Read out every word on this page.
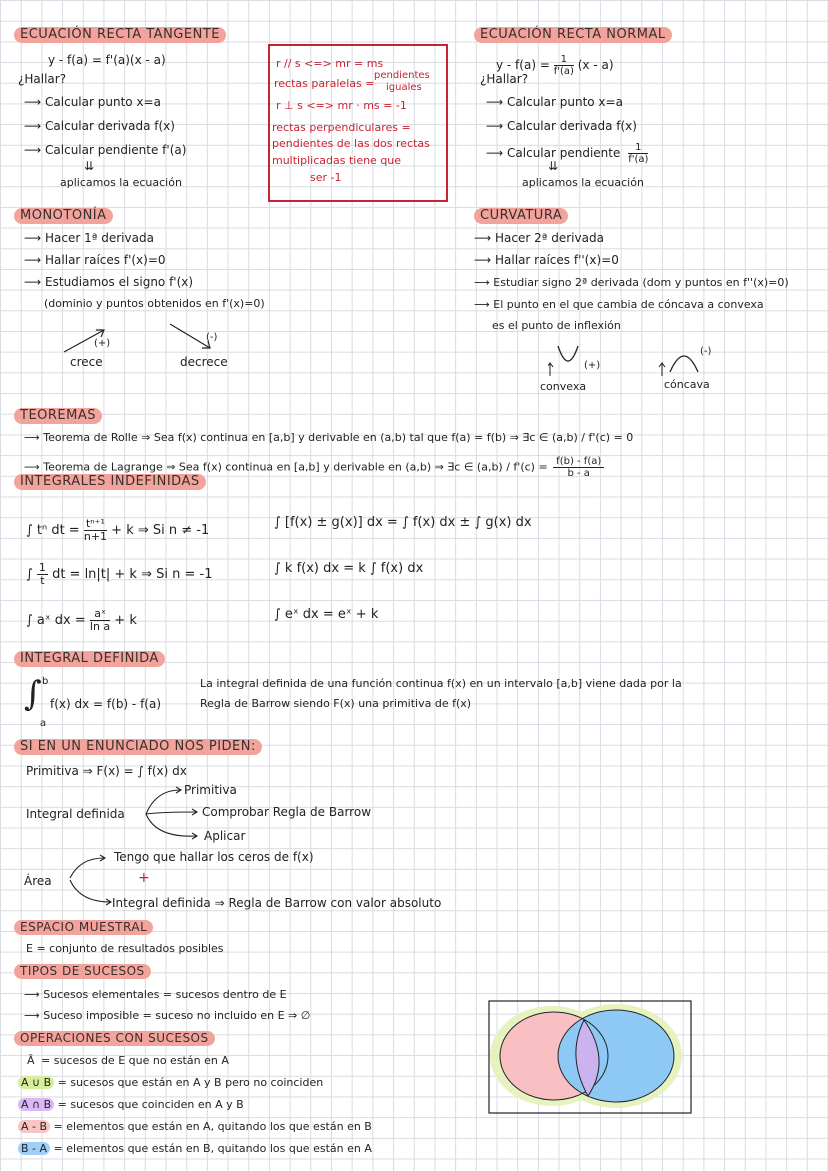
ECUACIÓN RECTA TANGENTE
y - f(a) = f'(a)(x - a)
¿Hallar?
⟶ Calcular punto x=a
⟶ Calcular derivada f(x)
⟶ Calcular pendiente f'(a)
⇊
aplicamos la ecuación
r // s <=> mr = ms
rectas paralelas =
pendientes
iguales
r ⊥ s <=> mr · ms = -1
rectas perpendiculares =
pendientes de las dos rectas
multiplicadas tiene que
ser -1
ECUACIÓN RECTA NORMAL
$y - f(a) = \frac{1}{f'(a)} (x - a)$
¿Hallar?
⟶ Calcular punto x=a
⟶ Calcular derivada f(x)
⟶ Calcular pendiente $\frac{1}{f'(a)}$
⇊
aplicamos la ecuación
MONOTONÍA
⟶ Hacer 1ª derivada
⟶ Hallar raíces f'(x)=0
⟶ Estudiamos el signo f'(x)
(dominio y puntos obtenidos en f'(x)=0)
(+)
(-)
crece	decrece
CURVATURA
⟶ Hacer 2ª derivada
⟶ Hallar raíces f''(x)=0
⟶ Estudiar signo 2ª derivada (dom y puntos en f''(x)=0)
⟶ El punto en el que cambia de cóncava a convexa
es el punto de inflexión
(+)
(-)
convexa	cóncava
TEOREMAS
⟶ Teorema de Rolle ⇒ Sea f(x) continua en [a,b] y derivable en (a,b) tal que f(a) = f(b) ⇒ ∃c ∈ (a,b) / f'(c) = 0
⟶ Teorema de Lagrange ⇒ Sea f(x) continua en [a,b] y derivable en (a,b) ⇒ ∃c ∈ $(a,b) / f'(c) = \frac{f(b) - f(a)}{b - a}$
INTEGRALES INDEFINIDAS
∫ tⁿ dt = $\frac{\text{tⁿ⁺¹}}{n+1} + k$ ⇒ Si n ≠ -1
∫ $\frac{1}{t}$ dt = ln|t| + k ⇒ Si n = -1
∫ aˣ dx = $\frac{\text{aˣ}}{\text{ln a}} + k$
∫ [f(x) ± g(x)] dx = ∫ f(x) dx ± ∫ g(x) dx
∫ k f(x) dx = k ∫ f(x) dx
∫ eˣ dx = eˣ + k
INTEGRAL DEFINIDA
∫ b
a
f(x) dx = f(b) - f(a)
La integral definida de una función continua f(x) en un intervalo [a,b] viene dada por la
Regla de Barrow siendo F(x) una primitiva de f(x)
SI EN UN ENUNCIADO NOS PIDEN:
Primitiva ⇒ F(x) = ∫ f(x) dx
Integral definida
Primitiva
Comprobar Regla de Barrow
Aplicar
Área
Tengo que hallar los ceros de f(x)
+
Integral definida ⇒ Regla de Barrow con valor absoluto
ESPACIO MUESTRAL
E = conjunto de resultados posibles
TIPOS DE SUCESOS
⟶ Sucesos elementales = sucesos dentro de E
⟶ Suceso imposible = suceso no incluido en E ⇒ ∅
OPERACIONES CON SUCESOS
Ā = sucesos de E que no están en A
A ∪ B = sucesos que están en A y B pero no coinciden
A ∩ B = sucesos que coinciden en A y B
A - B = elementos que están en A, quitando los que están en B
B - A = elementos que están en B, quitando los que están en A
